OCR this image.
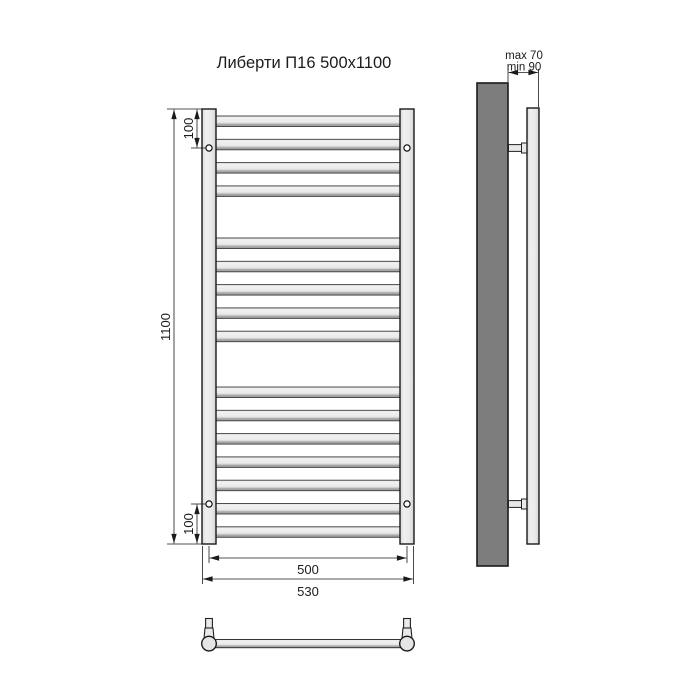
Либерти П16 500x1100
1100
100
100
500
530
max 70
min 90
